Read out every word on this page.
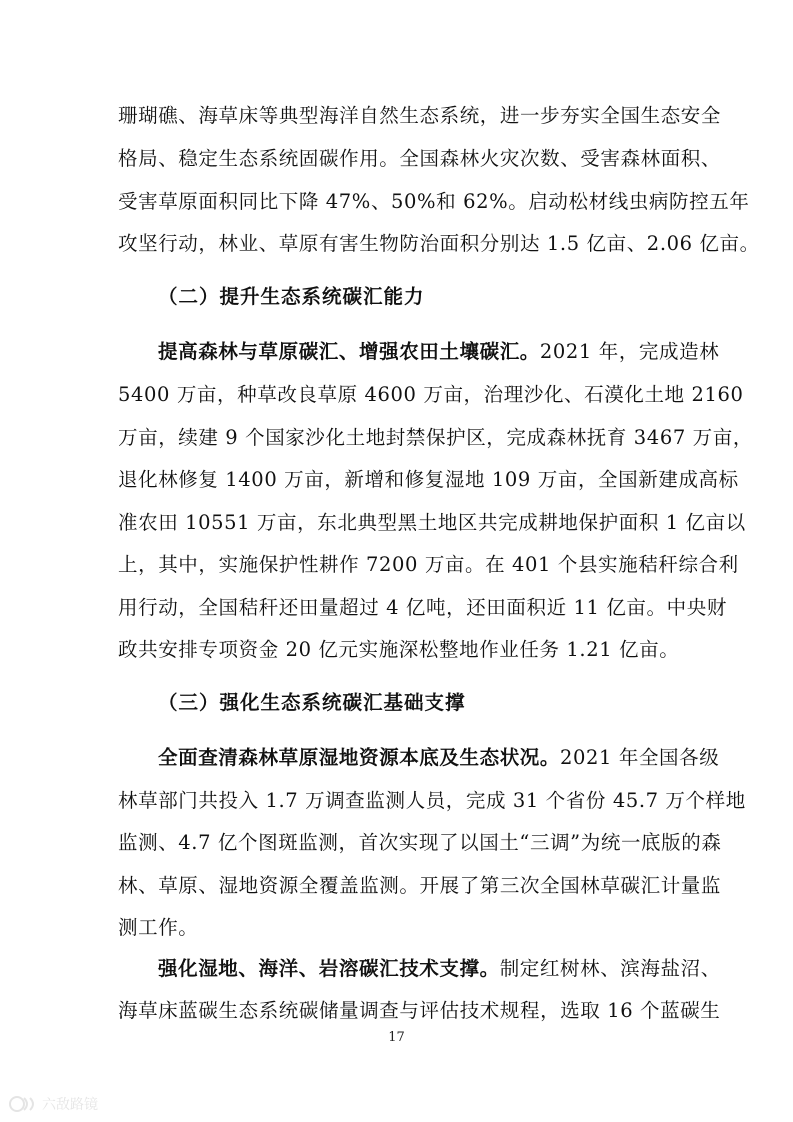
珊瑚礁、海草床等典型海洋自然生态系统，进一步夯实全国生态安全
格局、稳定生态系统固碳作用。全国森林火灾次数、受害森林面积、
受害草原面积同比下降 47%、50%和 62%。启动松材线虫病防控五年
攻坚行动，林业、草原有害生物防治面积分别达 1.5 亿亩、2.06 亿亩。
（二）提升生态系统碳汇能力
提高森林与草原碳汇、增强农田土壤碳汇。2021 年，完成造林
5400 万亩，种草改良草原 4600 万亩，治理沙化、石漠化土地 2160
万亩，续建 9 个国家沙化土地封禁保护区，完成森林抚育 3467 万亩，
退化林修复 1400 万亩，新增和修复湿地 109 万亩，全国新建成高标
准农田 10551 万亩，东北典型黑土地区共完成耕地保护面积 1 亿亩以
上，其中，实施保护性耕作 7200 万亩。在 401 个县实施秸秆综合利
用行动，全国秸秆还田量超过 4 亿吨，还田面积近 11 亿亩。中央财
政共安排专项资金 20 亿元实施深松整地作业任务 1.21 亿亩。
（三）强化生态系统碳汇基础支撑
全面查清森林草原湿地资源本底及生态状况。2021 年全国各级
林草部门共投入 1.7 万调查监测人员，完成 31 个省份 45.7 万个样地
监测、4.7 亿个图斑监测，首次实现了以国土“三调”为统一底版的森
林、草原、湿地资源全覆盖监测。开展了第三次全国林草碳汇计量监
测工作。
强化湿地、海洋、岩溶碳汇技术支撑。制定红树林、滨海盐沼、
海草床蓝碳生态系统碳储量调查与评估技术规程，选取 16 个蓝碳生
17
六敌路镜
